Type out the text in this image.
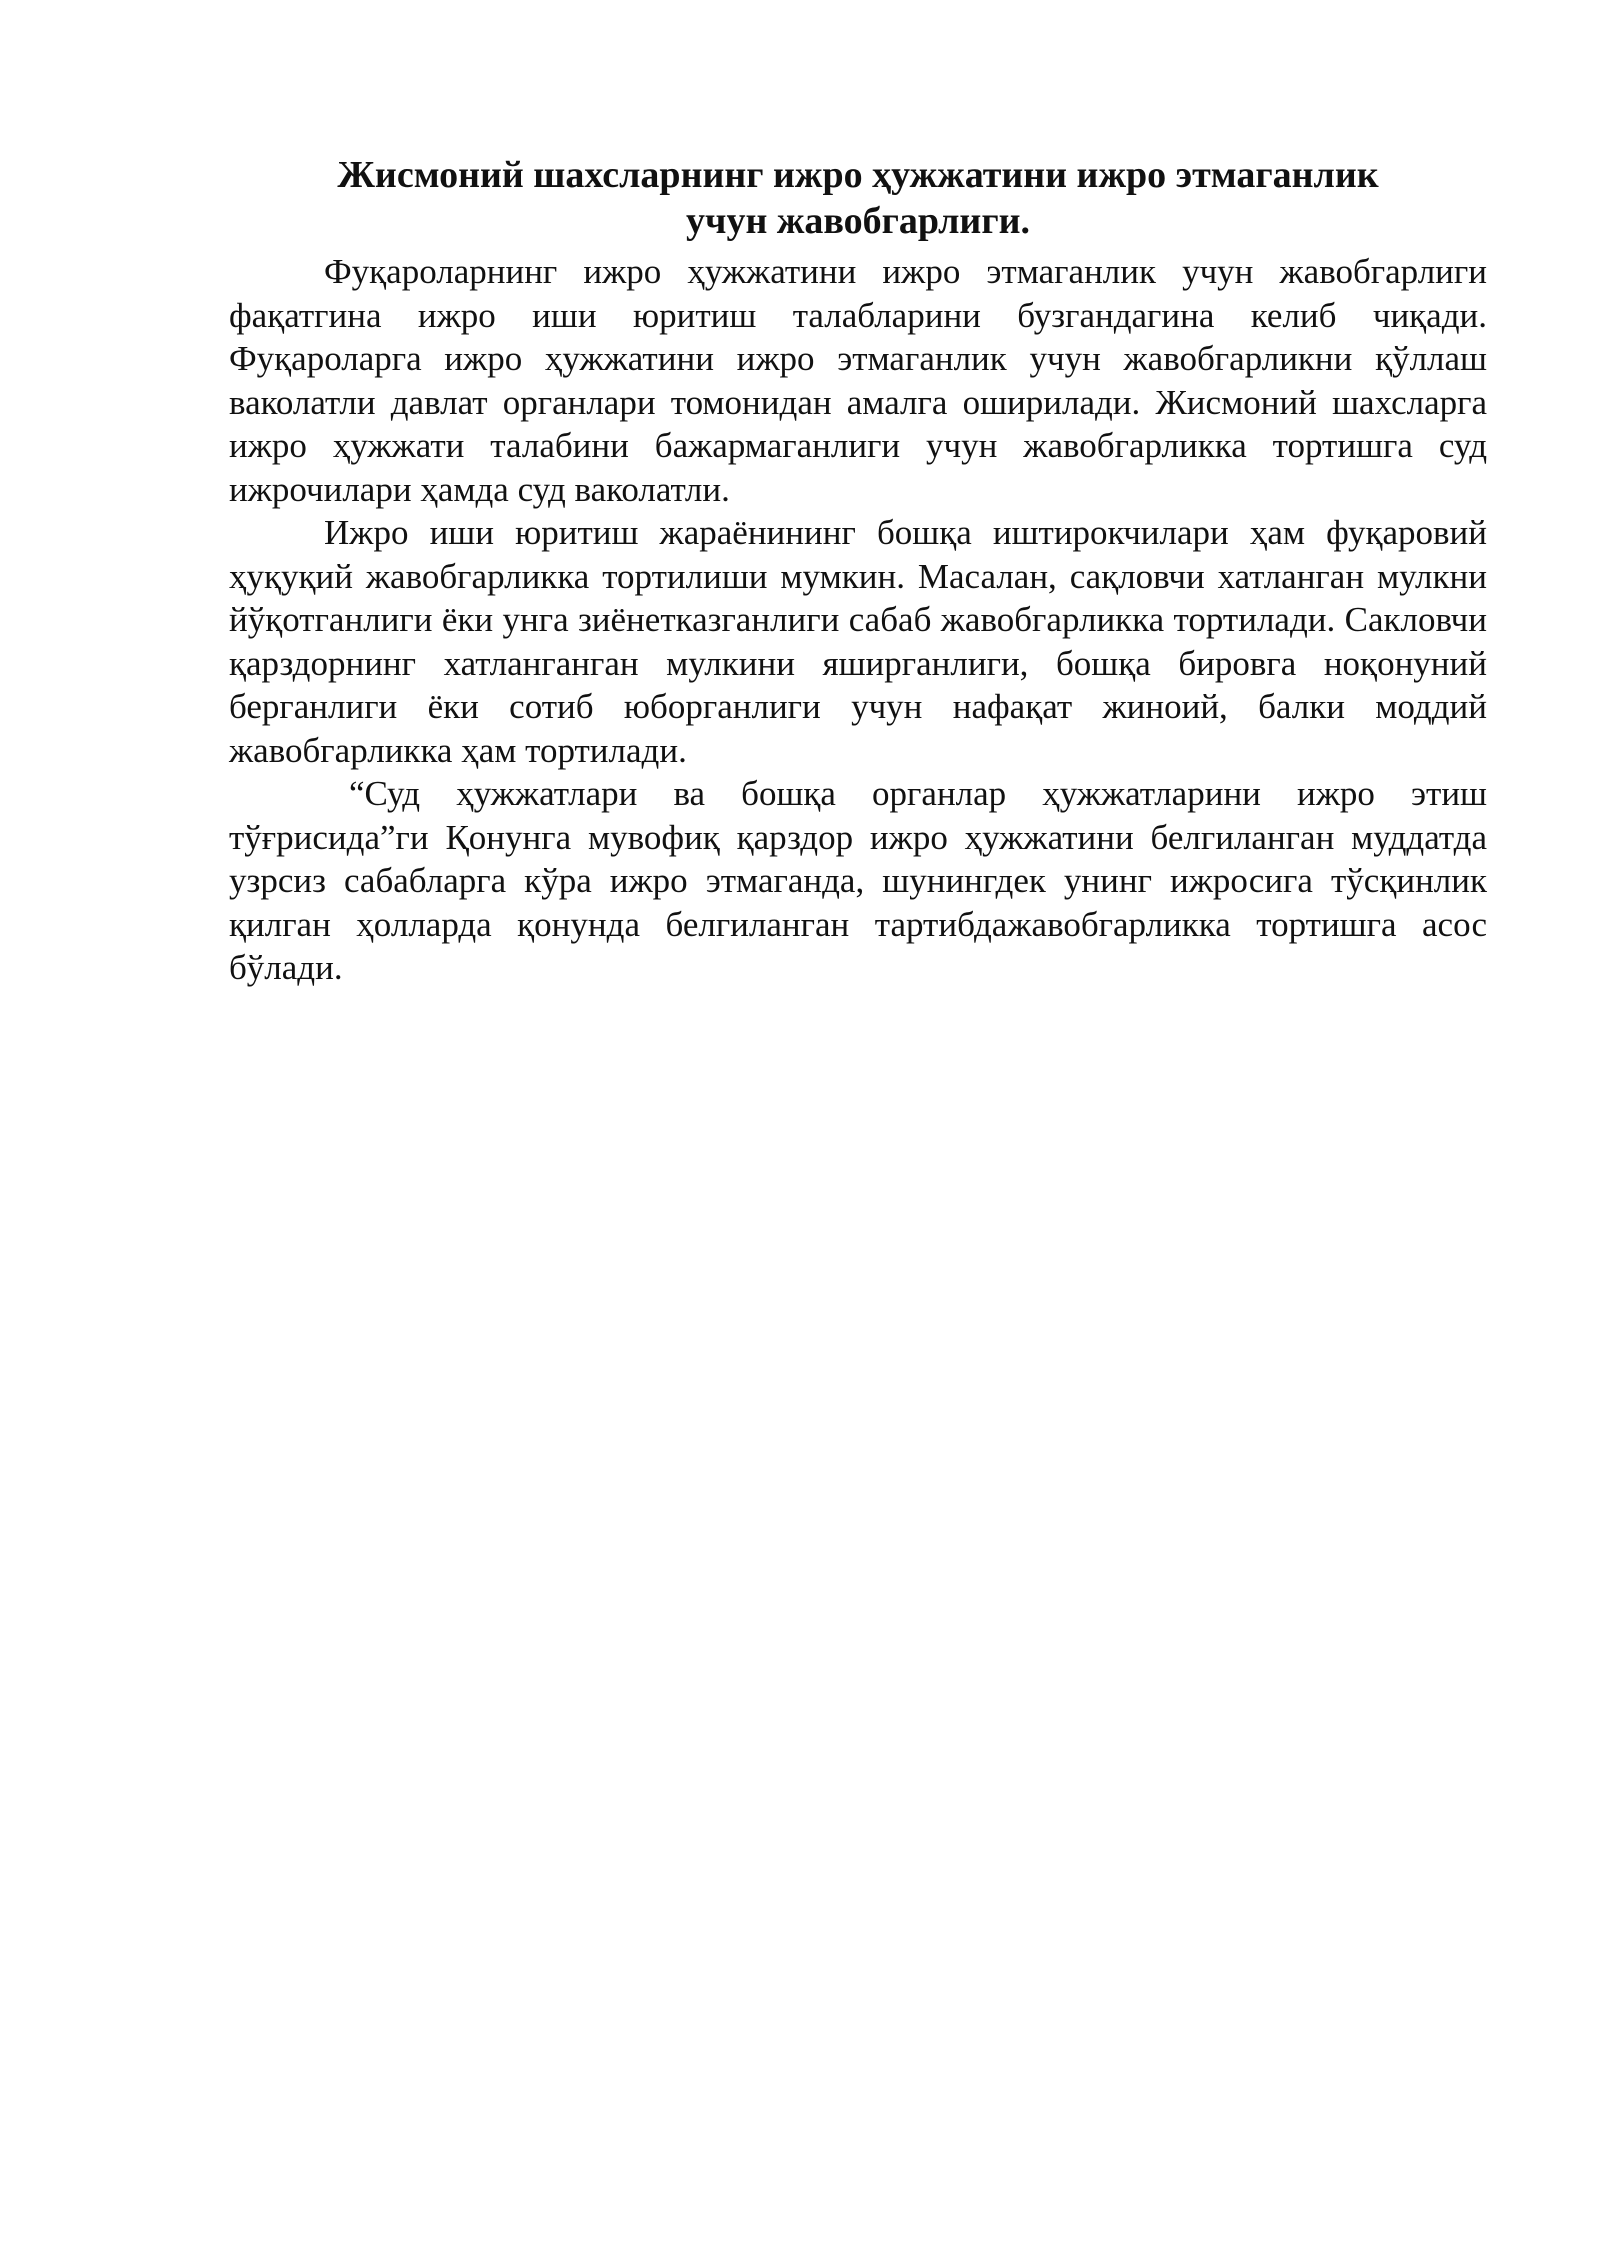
Жисмоний шахсларнинг ижро ҳужжатини ижро этмаганлик
учун жавобгарлиги.

Фуқароларнинг ижро ҳужжатини ижро этмаганлик учун жавобгарлиги фақатгина ижро иши юритиш талабларини бузгандагина келиб чиқади. Фуқароларга ижро ҳужжатини ижро этмаганлик учун жавобгарликни қўллаш ваколатли давлат органлари томонидан амалга оширилади. Жисмоний шахсларга ижро ҳужжати талабини бажармаганлиги учун жавобгарликка тортишга суд ижрочилари ҳамда суд ваколатли.

Ижро иши юритиш жараёнининг бошқа иштирокчилари ҳам фуқаровий ҳуқуқий жавобгарликка тортилиши мумкин. Масалан, сақловчи хатланган мулкни йўқотганлиги ёки унга зиёнетказганлиги сабаб жавобгарликка тортилади. Сакловчи қарздорнинг хатланганган мулкини яширганлиги, бошқа бировга ноқонуний берганлиги ёки сотиб юборганлиги учун нафақат жиноий, балки моддий жавобгарликка ҳам тортилади.

“Суд ҳужжатлари ва бошқа органлар ҳужжатларини ижро этиш тўғрисида”ги Қонунга мувофиқ қарздор ижро ҳужжатини белгиланган муддатда узрсиз сабабларга кўра ижро этмаганда, шунингдек унинг ижросига тўсқинлик қилган ҳолларда қонунда белгиланган тартибдажавобгарликка тортишга асос бўлади.
